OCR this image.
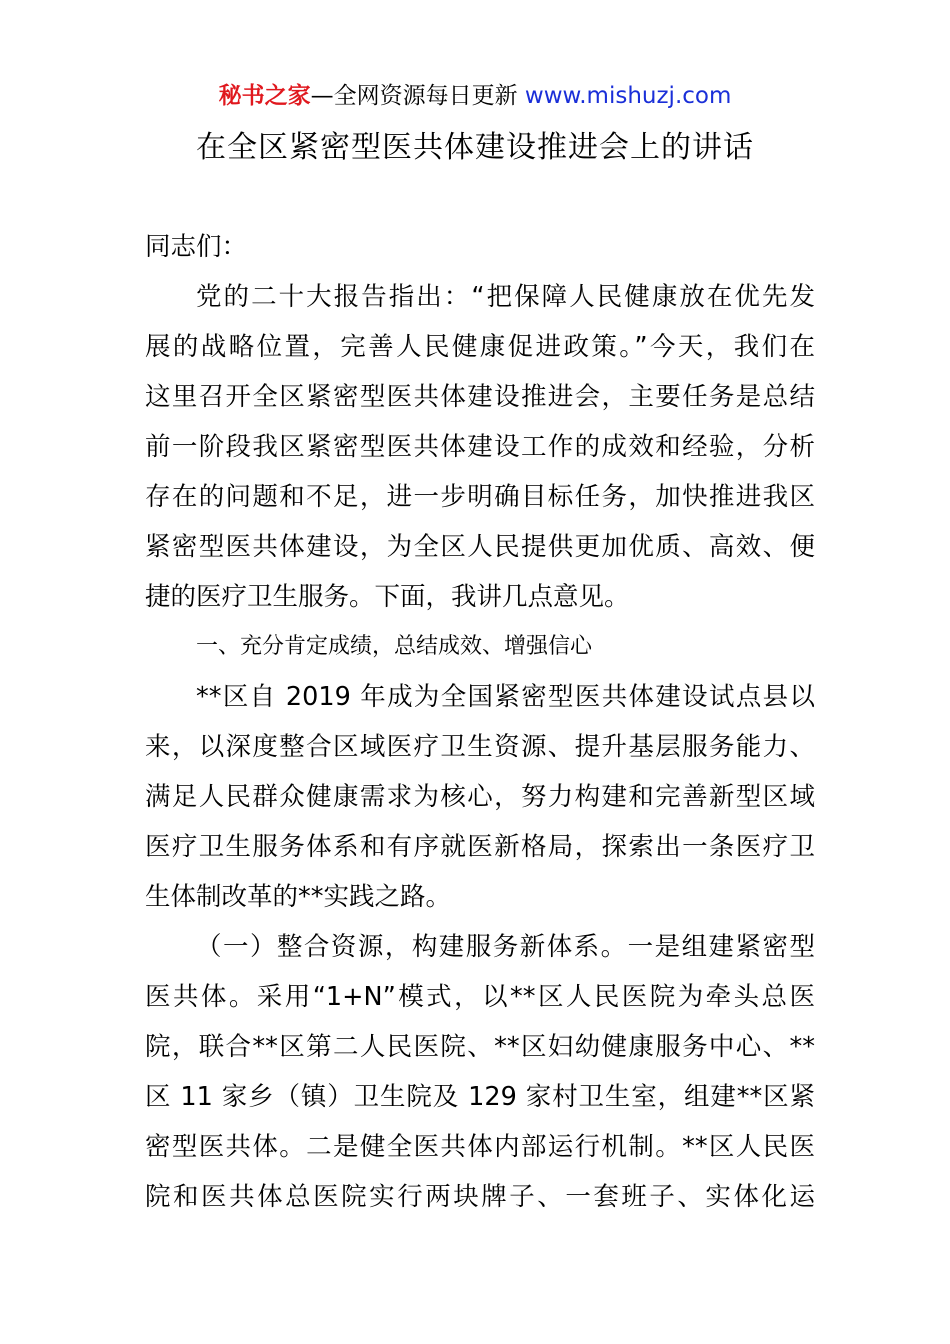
秘书之家—全网资源每日更新 www.mishuzj.com
在全区紧密型医共体建设推进会上的讲话
同志们：
党的二十大报告指出：“把保障人民健康放在优先发
展的战略位置，完善人民健康促进政策。”今天，我们在
这里召开全区紧密型医共体建设推进会，主要任务是总结
前一阶段我区紧密型医共体建设工作的成效和经验，分析
存在的问题和不足，进一步明确目标任务，加快推进我区
紧密型医共体建设，为全区人民提供更加优质、高效、便
捷的医疗卫生服务。下面，我讲几点意见。
一、充分肯定成绩，总结成效、增强信心
**区自 2019 年成为全国紧密型医共体建设试点县以
来，以深度整合区域医疗卫生资源、提升基层服务能力、
满足人民群众健康需求为核心，努力构建和完善新型区域
医疗卫生服务体系和有序就医新格局，探索出一条医疗卫
生体制改革的**实践之路。
（一）整合资源，构建服务新体系。一是组建紧密型
医共体。采用“1+N”模式，以**区人民医院为牵头总医
院，联合**区第二人民医院、**区妇幼健康服务中心、**
区 11 家乡（镇）卫生院及 129 家村卫生室，组建**区紧
密型医共体。二是健全医共体内部运行机制。**区人民医
院和医共体总医院实行两块牌子、一套班子、实体化运
